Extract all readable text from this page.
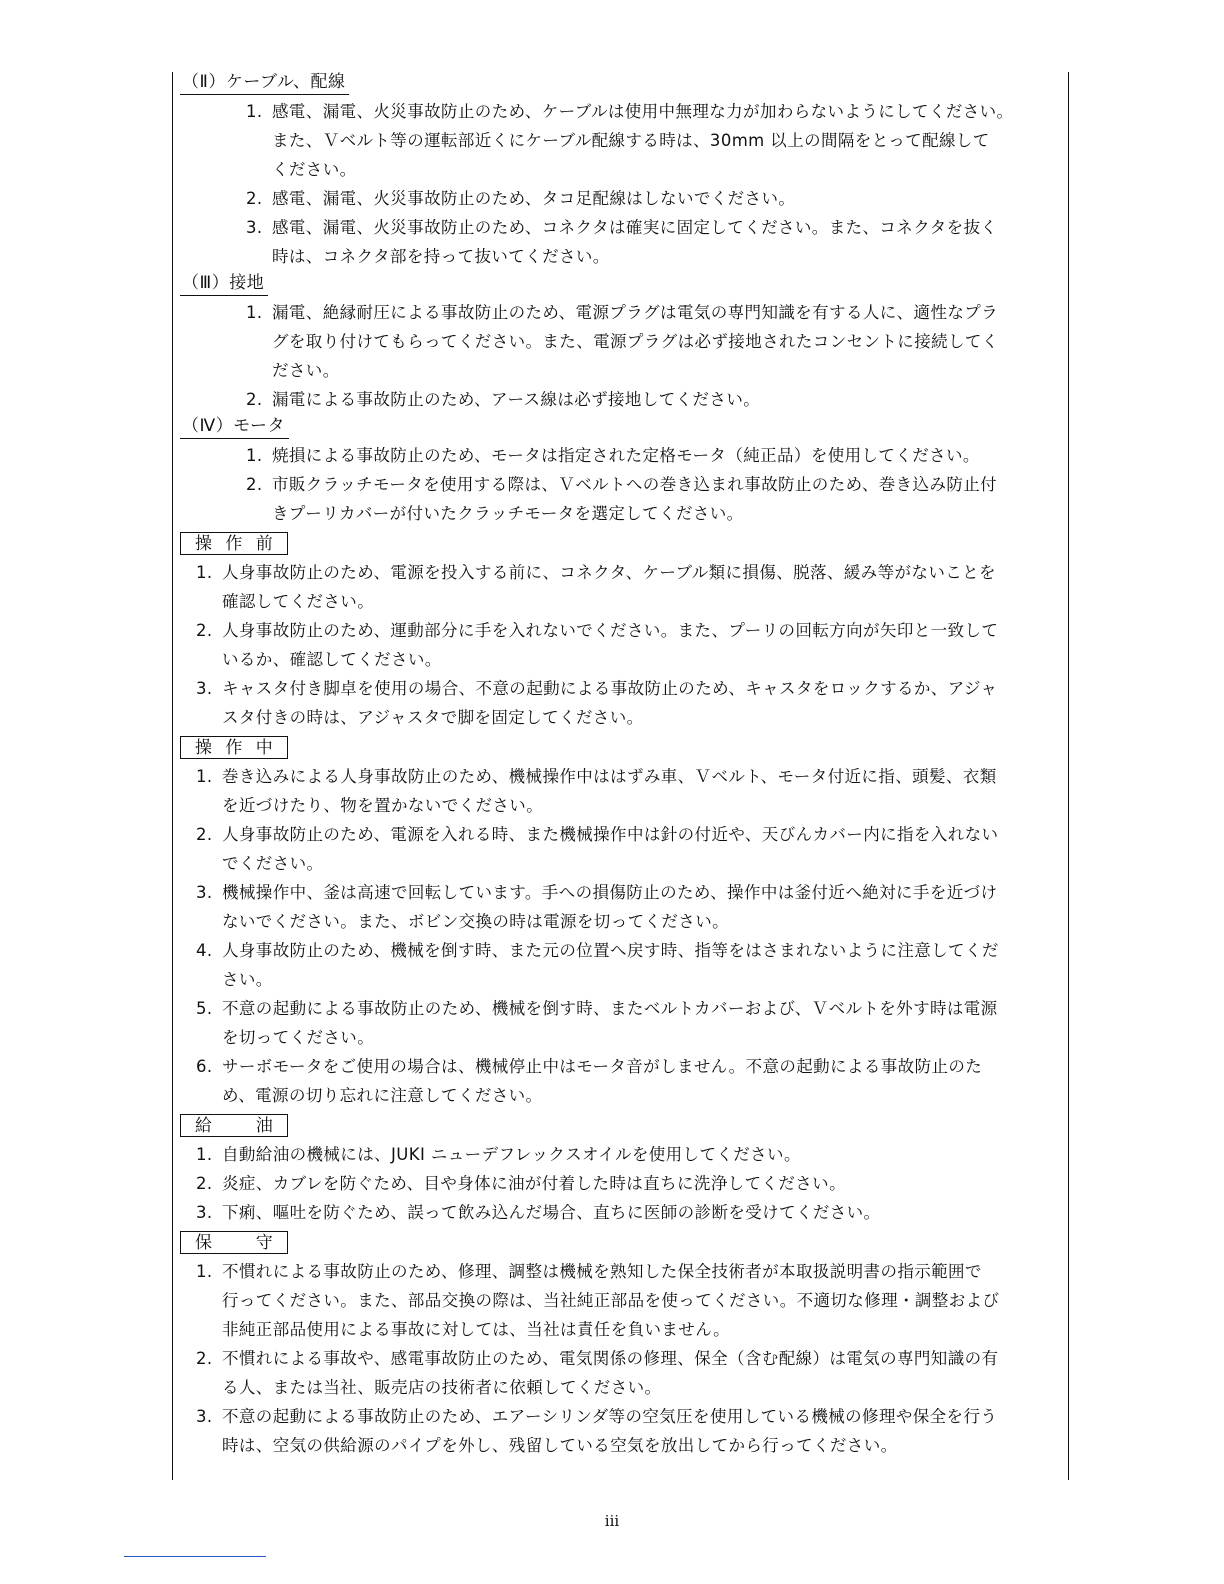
（Ⅱ）ケーブル、配線
1. 感電、漏電、火災事故防止のため、ケーブルは使用中無理な力が加わらないようにしてください。
また、Ｖベルト等の運転部近くにケーブル配線する時は、30mm 以上の間隔をとって配線して
ください。
2. 感電、漏電、火災事故防止のため、タコ足配線はしないでください。
3. 感電、漏電、火災事故防止のため、コネクタは確実に固定してください。また、コネクタを抜く
時は、コネクタ部を持って抜いてください。
（Ⅲ）接地
1. 漏電、絶縁耐圧による事故防止のため、電源プラグは電気の専門知識を有する人に、適性なプラ
グを取り付けてもらってください。また、電源プラグは必ず接地されたコンセントに接続してく
ださい。
2. 漏電による事故防止のため、アース線は必ず接地してください。
（Ⅳ）モータ
1. 焼損による事故防止のため、モータは指定された定格モータ（純正品）を使用してください。
2. 市販クラッチモータを使用する際は、Ｖベルトへの巻き込まれ事故防止のため、巻き込み防止付
きプーリカバーが付いたクラッチモータを選定してください。
操 作 前
1. 人身事故防止のため、電源を投入する前に、コネクタ、ケーブル類に損傷、脱落、緩み等がないことを
確認してください。
2. 人身事故防止のため、運動部分に手を入れないでください。また、プーリの回転方向が矢印と一致して
いるか、確認してください。
3. キャスタ付き脚卓を使用の場合、不意の起動による事故防止のため、キャスタをロックするか、アジャ
スタ付きの時は、アジャスタで脚を固定してください。
操 作 中
1. 巻き込みによる人身事故防止のため、機械操作中ははずみ車、Ｖベルト、モータ付近に指、頭髪、衣類
を近づけたり、物を置かないでください。
2. 人身事故防止のため、電源を入れる時、また機械操作中は針の付近や、天びんカバー内に指を入れない
でください。
3. 機械操作中、釜は高速で回転しています。手への損傷防止のため、操作中は釜付近へ絶対に手を近づけ
ないでください。また、ボビン交換の時は電源を切ってください。
4. 人身事故防止のため、機械を倒す時、また元の位置へ戻す時、指等をはさまれないように注意してくだ
さい。
5. 不意の起動による事故防止のため、機械を倒す時、またベルトカバーおよび、Ｖベルトを外す時は電源
を切ってください。
6. サーボモータをご使用の場合は、機械停止中はモータ音がしません。不意の起動による事故防止のた
め、電源の切り忘れに注意してください。
給 　 油
1. 自動給油の機械には、JUKI ニューデフレックスオイルを使用してください。
2. 炎症、カブレを防ぐため、目や身体に油が付着した時は直ちに洗浄してください。
3. 下痢、嘔吐を防ぐため、誤って飲み込んだ場合、直ちに医師の診断を受けてください。
保 　 守
1. 不慣れによる事故防止のため、修理、調整は機械を熟知した保全技術者が本取扱説明書の指示範囲で
行ってください。また、部品交換の際は、当社純正部品を使ってください。不適切な修理・調整および
非純正部品使用による事故に対しては、当社は責任を負いません。
2. 不慣れによる事故や、感電事故防止のため、電気関係の修理、保全（含む配線）は電気の専門知識の有
る人、または当社、販売店の技術者に依頼してください。
3. 不意の起動による事故防止のため、エアーシリンダ等の空気圧を使用している機械の修理や保全を行う
時は、空気の供給源のパイプを外し、残留している空気を放出してから行ってください。
iii
